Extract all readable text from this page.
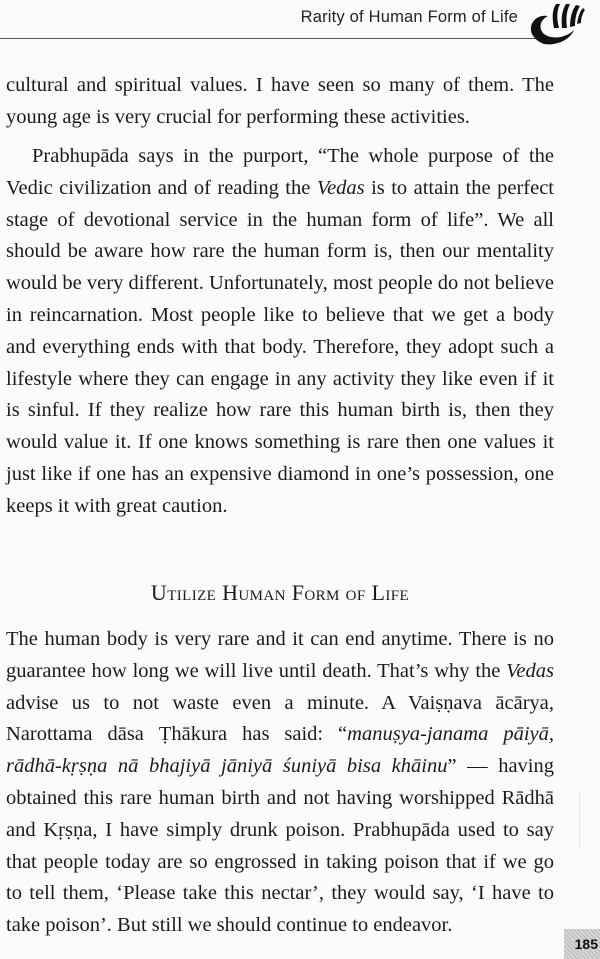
Rarity of Human Form of Life

cultural and spiritual values. I have seen so many of them. The young age is very crucial for performing these activities.

Prabhupāda says in the purport, “The whole purpose of the Vedic civilization and of reading the Vedas is to attain the perfect stage of devotional service in the human form of life”. We all should be aware how rare the human form is, then our mentality would be very different. Unfortunately, most people do not believe in reincarnation. Most people like to believe that we get a body and everything ends with that body. Therefore, they adopt such a lifestyle where they can engage in any activity they like even if it is sinful. If they realize how rare this human birth is, then they would value it. If one knows something is rare then one values it just like if one has an expensive diamond in one’s possession, one keeps it with great caution.

Utilize Human Form of Life

The human body is very rare and it can end anytime. There is no guarantee how long we will live until death. That’s why the Vedas advise us to not waste even a minute. A Vaiṣṇava ācārya, Narottama dāsa Ṭhākura has said: “manuṣya-janama pāiyā, rādhā-kṛṣṇa nā bhajiyā jāniyā śuniyā bisa khāinu” — having obtained this rare human birth and not having worshipped Rādhā and Kṛṣṇa, I have simply drunk poison. Prabhupāda used to say that people today are so engrossed in taking poison that if we go to tell them, ‘Please take this nectar’, they would say, ‘I have to take poison’. But still we should continue to endeavor.

185
